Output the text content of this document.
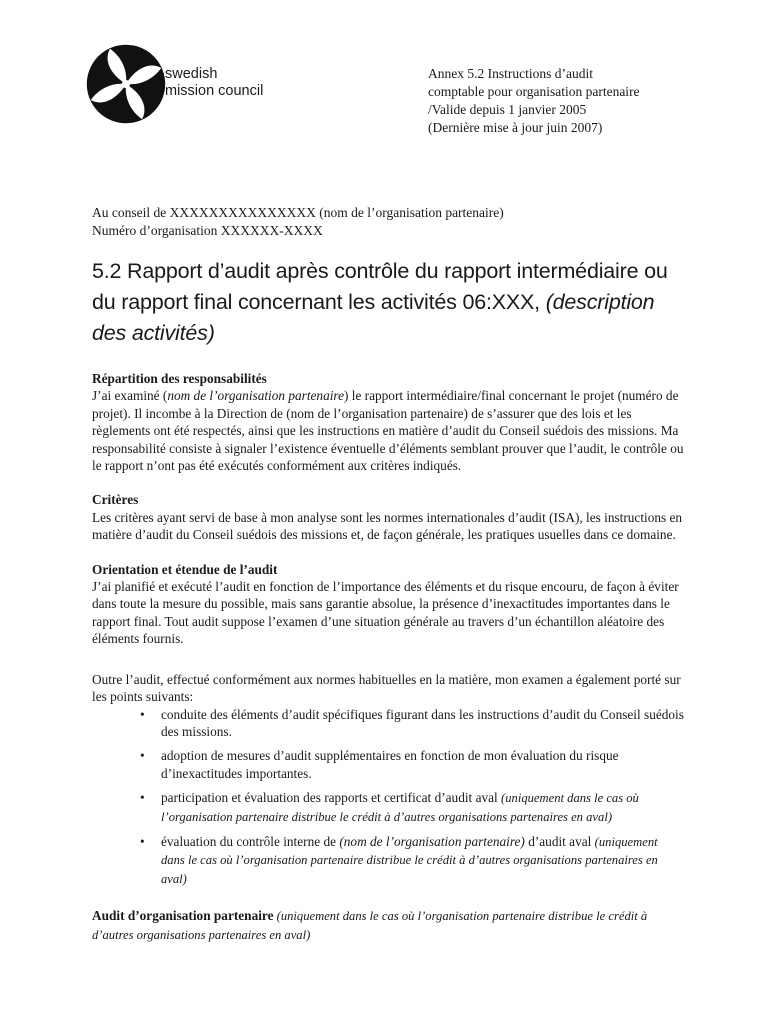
swedish
mission council
Annex 5.2 Instructions d’audit
comptable pour organisation partenaire
/Valide depuis 1 janvier 2005
(Dernière mise à jour juin 2007)
Au conseil de XXXXXXXXXXXXXXX (nom de l’organisation partenaire)
Numéro d’organisation XXXXXX-XXXX
5.2 Rapport d’audit après contrôle du rapport intermédiaire ou du rapport final concernant les activités 06:XXX, (description des activités)
Répartition des responsabilités

J’ai examiné (nom de l’organisation partenaire) le rapport intermédiaire/final concernant le projet (numéro de projet). Il incombe à la Direction de (nom de l’organisation partenaire) de s’assurer que des lois et les règlements ont été respectés, ainsi que les instructions en matière d’audit du Conseil suédois des missions. Ma responsabilité consiste à signaler l’existence éventuelle d’éléments semblant prouver que l’audit, le contrôle ou le rapport n’ont pas été exécutés conformément aux critères indiqués.

Critères

Les critères ayant servi de base à mon analyse sont les normes internationales d’audit (ISA), les instructions en matière d’audit du Conseil suédois des missions et, de façon générale, les pratiques usuelles dans ce domaine.

Orientation et étendue de l’audit

J’ai planifié et exécuté l’audit en fonction de l’importance des éléments et du risque encouru, de façon à éviter dans toute la mesure du possible, mais sans garantie absolue, la présence d’inexactitudes importantes dans le rapport final. Tout audit suppose l’examen d’une situation générale au travers d’un échantillon aléatoire des éléments fournis.

Outre l’audit, effectué conformément aux normes habituelles en la matière, mon examen a également porté sur les points suivants:

• conduite des éléments d’audit spécifiques figurant dans les instructions d’audit du Conseil suédois des missions.
• adoption de mesures d’audit supplémentaires en fonction de mon évaluation du risque d’inexactitudes importantes.
• participation et évaluation des rapports et certificat d’audit aval (uniquement dans le cas où l’organisation partenaire distribue le crédit à d’autres organisations partenaires en aval)
• évaluation du contrôle interne de (nom de l’organisation partenaire) d’audit aval (uniquement dans le cas où l’organisation partenaire distribue le crédit à d’autres organisations partenaires en aval)

Audit d’organisation partenaire (uniquement dans le cas où l’organisation partenaire distribue le crédit à d’autres organisations partenaires en aval)
